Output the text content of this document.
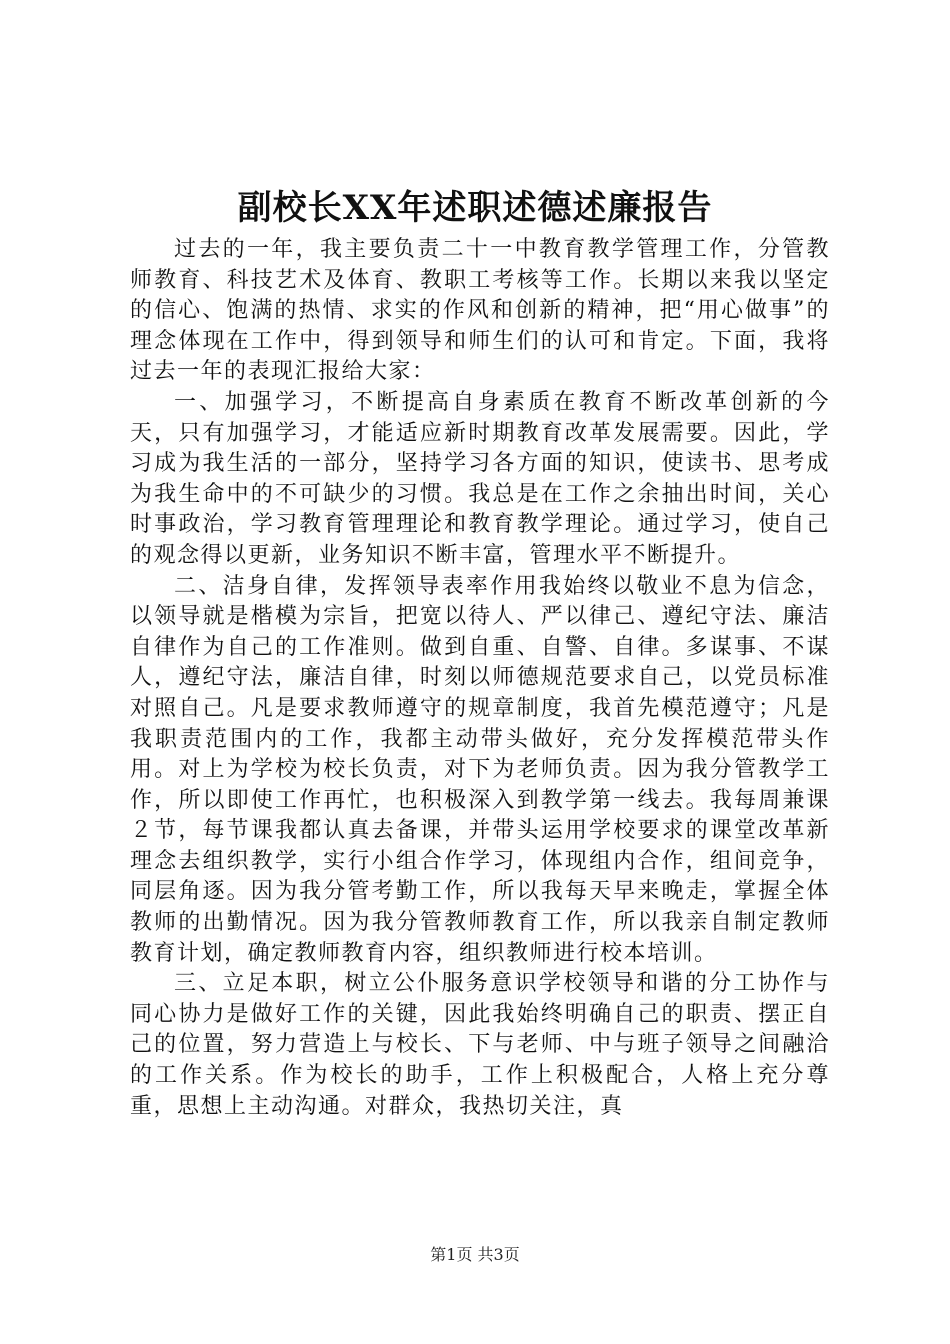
副校长XX年述职述德述廉报告

过去的一年，我主要负责二十一中教育教学管理工作，分管教师教育、科技艺术及体育、教职工考核等工作。长期以来我以坚定的信心、饱满的热情、求实的作风和创新的精神，把“用心做事”的理念体现在工作中，得到领导和师生们的认可和肯定。下面，我将过去一年的表现汇报给大家：

一、加强学习，不断提高自身素质在教育不断改革创新的今天，只有加强学习，才能适应新时期教育改革发展需要。因此，学习成为我生活的一部分，坚持学习各方面的知识，使读书、思考成为我生命中的不可缺少的习惯。我总是在工作之余抽出时间，关心时事政治，学习教育管理理论和教育教学理论。通过学习，使自己的观念得以更新，业务知识不断丰富，管理水平不断提升。

二、洁身自律，发挥领导表率作用我始终以敬业不息为信念，以领导就是楷模为宗旨，把宽以待人、严以律己、遵纪守法、廉洁自律作为自己的工作准则。做到自重、自警、自律。多谋事、不谋人，遵纪守法，廉洁自律，时刻以师德规范要求自己，以党员标准对照自己。凡是要求教师遵守的规章制度，我首先模范遵守；凡是我职责范围内的工作，我都主动带头做好，充分发挥模范带头作用。对上为学校为校长负责，对下为老师负责。因为我分管教学工作，所以即使工作再忙，也积极深入到教学第一线去。我每周兼课２节，每节课我都认真去备课，并带头运用学校要求的课堂改革新理念去组织教学，实行小组合作学习，体现组内合作，组间竞争，同层角逐。因为我分管考勤工作，所以我每天早来晚走，掌握全体教师的出勤情况。因为我分管教师教育工作，所以我亲自制定教师教育计划，确定教师教育内容，组织教师进行校本培训。

三、立足本职，树立公仆服务意识学校领导和谐的分工协作与同心协力是做好工作的关键，因此我始终明确自己的职责、摆正自己的位置，努力营造上与校长、下与老师、中与班子领导之间融洽的工作关系。作为校长的助手，工作上积极配合，人格上充分尊重，思想上主动沟通。对群众，我热切关注，真

第1页 共3页
